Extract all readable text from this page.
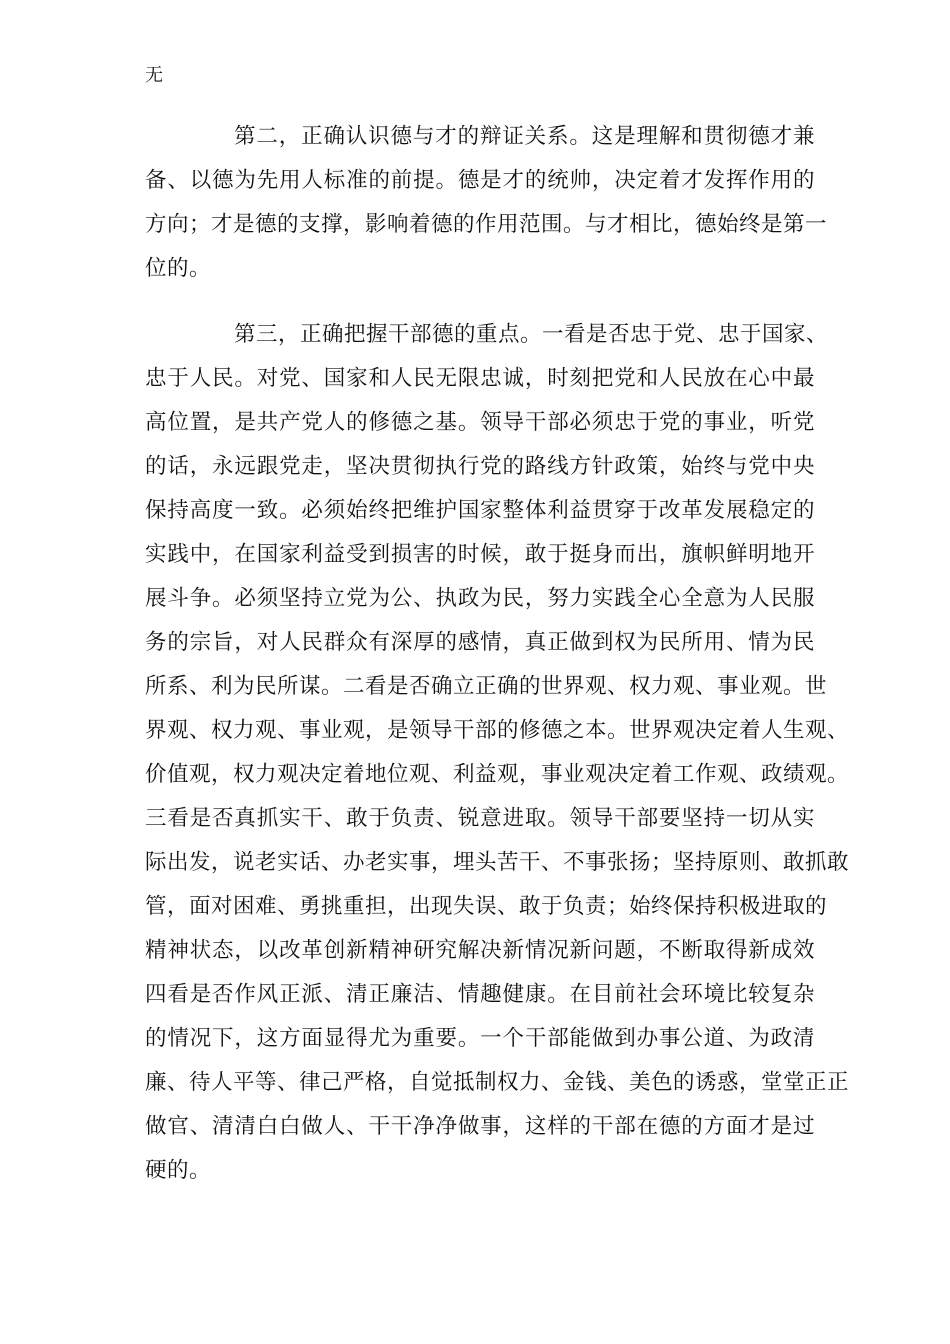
无
第二，正确认识德与才的辩证关系。这是理解和贯彻德才兼
备、以德为先用人标准的前提。德是才的统帅，决定着才发挥作用的
方向；才是德的支撑，影响着德的作用范围。与才相比，德始终是第一
位的。
第三，正确把握干部德的重点。一看是否忠于党、忠于国家、
忠于人民。对党、国家和人民无限忠诚，时刻把党和人民放在心中最
高位置，是共产党人的修德之基。领导干部必须忠于党的事业，听党
的话，永远跟党走，坚决贯彻执行党的路线方针政策，始终与党中央
保持高度一致。必须始终把维护国家整体利益贯穿于改革发展稳定的
实践中，在国家利益受到损害的时候，敢于挺身而出，旗帜鲜明地开
展斗争。必须坚持立党为公、执政为民，努力实践全心全意为人民服
务的宗旨，对人民群众有深厚的感情，真正做到权为民所用、情为民
所系、利为民所谋。二看是否确立正确的世界观、权力观、事业观。世
界观、权力观、事业观，是领导干部的修德之本。世界观决定着人生观、
价值观，权力观决定着地位观、利益观，事业观决定着工作观、政绩观。
三看是否真抓实干、敢于负责、锐意进取。领导干部要坚持一切从实
际出发，说老实话、办老实事，埋头苦干、不事张扬；坚持原则、敢抓敢
管，面对困难、勇挑重担，出现失误、敢于负责；始终保持积极进取的
精神状态，以改革创新精神研究解决新情况新问题，不断取得新成效
四看是否作风正派、清正廉洁、情趣健康。在目前社会环境比较复杂
的情况下，这方面显得尤为重要。一个干部能做到办事公道、为政清
廉、待人平等、律己严格，自觉抵制权力、金钱、美色的诱惑，堂堂正正
做官、清清白白做人、干干净净做事，这样的干部在德的方面才是过
硬的。
